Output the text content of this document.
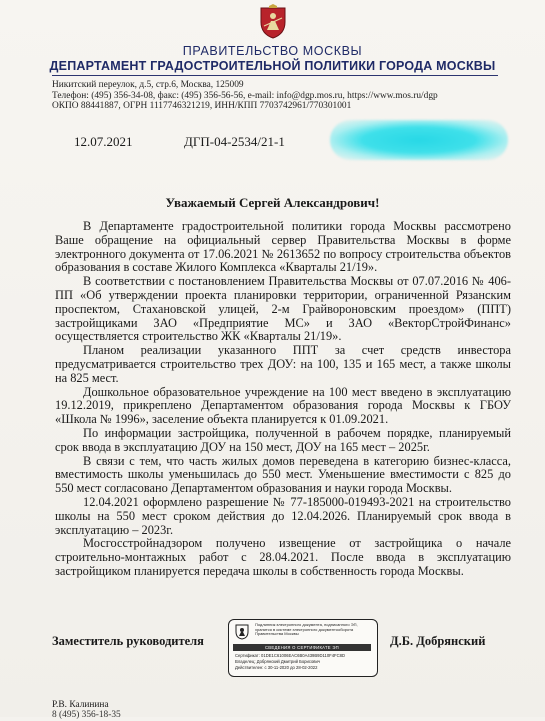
ПРАВИТЕЛЬСТВО МОСКВЫ
ДЕПАРТАМЕНТ ГРАДОСТРОИТЕЛЬНОЙ ПОЛИТИКИ ГОРОДА МОСКВЫ
Никитский переулок, д.5, стр.6, Москва, 125009
Телефон: (495) 356-34-08, факс: (495) 356-56-56, e-mail: info@dgp.mos.ru, https://www.mos.ru/dgp
ОКПО 88441887, ОГРН 1117746321219, ИНН/КПП 7703742961/770301001
12.07.2021	ДГП-04-2534/21-1
Уважаемый Сергей Александрович!

В Департаменте градостроительной политики города Москвы рассмотрено Ваше обращение на официальный сервер Правительства Москвы в форме электронного документа от 17.06.2021 № 2613652 по вопросу строительства объектов образования в составе Жилого Комплекса «Кварталы 21/19».

В соответствии с постановлением Правительства Москвы от 07.07.2016 № 406-ПП «Об утверждении проекта планировки территории, ограниченной Рязанским проспектом, Стахановской улицей, 2-м Грайвороновским проездом» (ППТ) застройщиками ЗАО «Предприятие МС» и ЗАО «ВекторСтройФинанс» осуществляется строительство ЖК «Кварталы 21/19».

Планом реализации указанного ППТ за счет средств инвестора предусматривается строительство трех ДОУ: на 100, 135 и 165 мест, а также школы на 825 мест.

Дошкольное образовательное учреждение на 100 мест введено в эксплуатацию 19.12.2019, прикреплено Департаментом образования города Москвы к ГБОУ «Школа № 1996», заселение объекта планируется к 01.09.2021.

По информации застройщика, полученной в рабочем порядке, планируемый срок ввода в эксплуатацию ДОУ на 150 мест, ДОУ на 165 мест – 2025г.

В связи с тем, что часть жилых домов переведена в категорию бизнес-класса, вместимость школы уменьшилась до 550 мест. Уменьшение вместимости с 825 до 550 мест согласовано Департаментом образования и науки города Москвы.

12.04.2021 оформлено разрешение № 77-185000-019493-2021 на строительство школы на 550 мест сроком действия до 12.04.2026. Планируемый срок ввода в эксплуатацию – 2023г.

Мосгосстройнадзором получено извещение от застройщика о начале строительно-монтажных работ с 28.04.2021. После ввода в эксплуатацию застройщиком планируется передача школы в собственность города Москвы.

Заместитель руководителя
Подлинник электронного документа, подписанного ЭП, хранится в системе электронного документооборота Правительства Москвы
СВЕДЕНИЯ О СЕРТИФИКАТЕ ЭП
Сертификат: 01DE1C61006EAC6B0A439B9D110F4FC8D
Владелец: Добрянский Дмитрий Борисович
Действителен: с 30-11-2020 до 28-02-2022
Д.Б. Добрянский
Р.В. Калинина
8 (495) 356-18-35
